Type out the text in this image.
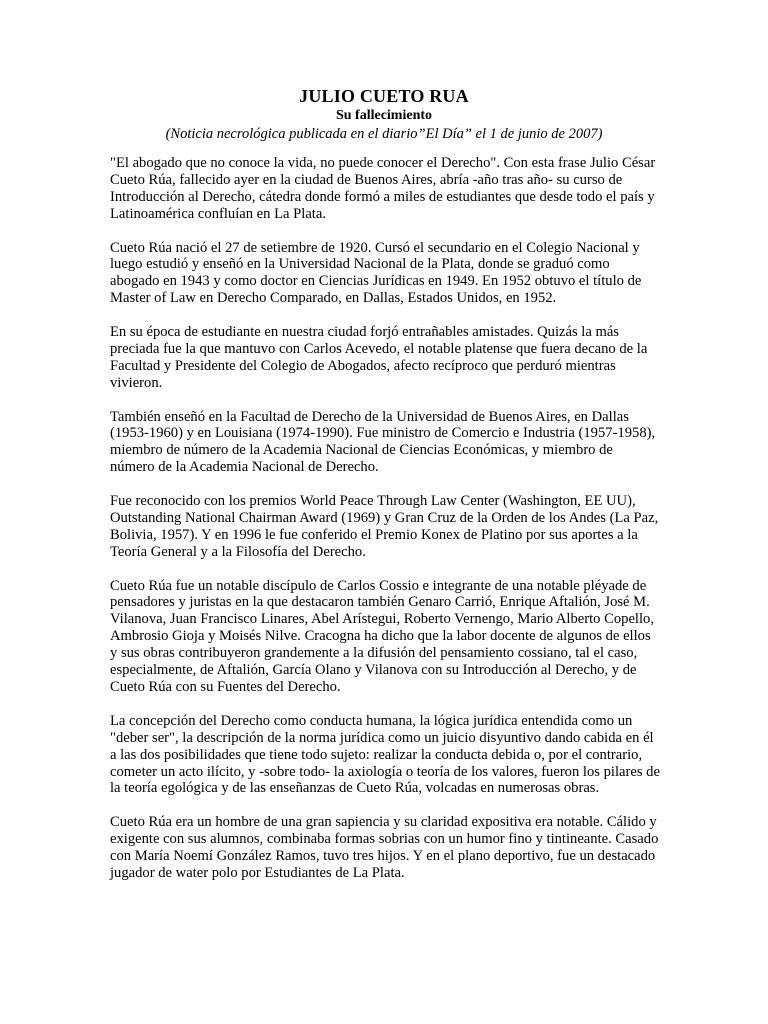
JULIO CUETO RUA

Su fallecimiento

(Noticia necrológica publicada en el diario”El Día” el 1 de junio de 2007)

"El abogado que no conoce la vida, no puede conocer el Derecho". Con esta frase Julio César Cueto Rúa, fallecido ayer en la ciudad de Buenos Aires, abría -año tras año- su curso de Introducción al Derecho, cátedra donde formó a miles de estudiantes que desde todo el país y Latinoamérica confluían en La Plata.

Cueto Rúa nació el 27 de setiembre de 1920. Cursó el secundario en el Colegio Nacional y luego estudió y enseñó en la Universidad Nacional de la Plata, donde se graduó como abogado en 1943 y como doctor en Ciencias Jurídicas en 1949. En 1952 obtuvo el título de Master of Law en Derecho Comparado, en Dallas, Estados Unidos, en 1952.

En su época de estudiante en nuestra ciudad forjó entrañables amistades. Quizás la más preciada fue la que mantuvo con Carlos Acevedo, el notable platense que fuera decano de la Facultad y Presidente del Colegio de Abogados, afecto recíproco que perduró mientras vivieron.

También enseñó en la Facultad de Derecho de la Universidad de Buenos Aires, en Dallas (1953-1960) y en Louisiana (1974-1990). Fue ministro de Comercio e Industria (1957-1958), miembro de número de la Academia Nacional de Ciencias Económicas, y miembro de número de la Academia Nacional de Derecho.

Fue reconocido con los premios World Peace Through Law Center (Washington, EE UU), Outstanding National Chairman Award (1969) y Gran Cruz de la Orden de los Andes (La Paz, Bolivia, 1957). Y en 1996 le fue conferido el Premio Konex de Platino por sus aportes a la Teoría General y a la Filosofía del Derecho.

Cueto Rúa fue un notable discípulo de Carlos Cossio e integrante de una notable pléyade de pensadores y juristas en la que destacaron también Genaro Carrió, Enrique Aftalión, José M. Vilanova, Juan Francisco Linares, Abel Arístegui, Roberto Vernengo, Mario Alberto Copello, Ambrosio Gioja y Moisés Nilve. Cracogna ha dicho que la labor docente de algunos de ellos y sus obras contribuyeron grandemente a la difusión del pensamiento cossiano, tal el caso, especialmente, de Aftalión, García Olano y Vilanova con su Introducción al Derecho, y de Cueto Rúa con su Fuentes del Derecho.

La concepción del Derecho como conducta humana, la lógica jurídica entendida como un "deber ser", la descripción de la norma jurídica como un juicio disyuntivo dando cabida en él a las dos posibilidades que tiene todo sujeto: realizar la conducta debida o, por el contrario, cometer un acto ilícito, y -sobre todo- la axiología o teoría de los valores, fueron los pilares de la teoría egológica y de las enseñanzas de Cueto Rúa, volcadas en numerosas obras.

Cueto Rúa era un hombre de una gran sapiencia y su claridad expositiva era notable. Cálido y exigente con sus alumnos, combinaba formas sobrias con un humor fino y tintineante. Casado con María Noemí González Ramos, tuvo tres hijos. Y en el plano deportivo, fue un destacado jugador de water polo por Estudiantes de La Plata.
